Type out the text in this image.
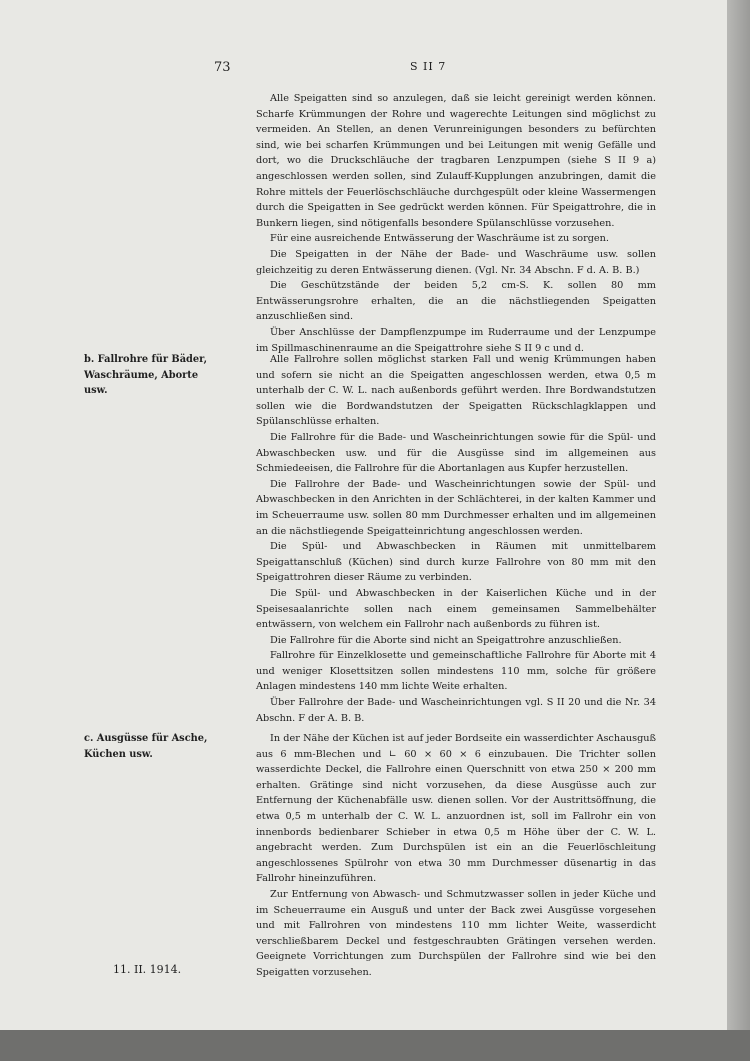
73	S II 7

Alle Speigatten sind so anzulegen, daß sie leicht gereinigt werden können. Scharfe Krümmungen der Rohre und wagerechte Leitungen sind möglichst zu vermeiden. An Stellen, an denen Verunreinigungen besonders zu befürchten sind, wie bei scharfen Krümmungen und bei Leitungen mit wenig Gefälle und dort, wo die Druckschläuche der tragbaren Lenzpumpen (siehe S II 9 a) angeschlossen werden sollen, sind Zulauff-Kupplungen anzubringen, damit die Rohre mittels der Feuerlöschschläuche durchgespült oder kleine Wassermengen durch die Speigatten in See gedrückt werden können. Für Speigattrohre, die in Bunkern liegen, sind nötigenfalls besondere Spülanschlüsse vorzusehen.

Für eine ausreichende Entwässerung der Waschräume ist zu sorgen.

Die Speigatten in der Nähe der Bade- und Waschräume usw. sollen gleichzeitig zu deren Entwässerung dienen. (Vgl. Nr. 34 Abschn. F d. A. B. B.)

Die Geschützstände der beiden 5,2 cm-S. K. sollen 80 mm Entwässerungsrohre erhalten, die an die nächstliegenden Speigatten anzuschließen sind.

Über Anschlüsse der Dampflenzpumpe im Ruderraume und der Lenzpumpe im Spillmaschinenraume an die Speigattrohre siehe S II 9 c und d.

b. Fallrohre für Bäder, Waschräume, Aborte usw.

Alle Fallrohre sollen möglichst starken Fall und wenig Krümmungen haben und sofern sie nicht an die Speigatten angeschlossen werden, etwa 0,5 m unterhalb der C. W. L. nach außenbords geführt werden. Ihre Bordwandstutzen sollen wie die Bordwandstutzen der Speigatten Rückschlagklappen und Spülanschlüsse erhalten.

Die Fallrohre für die Bade- und Wascheinrichtungen sowie für die Spül- und Abwaschbecken usw. und für die Ausgüsse sind im allgemeinen aus Schmiedeeisen, die Fallrohre für die Abortanlagen aus Kupfer herzustellen.

Die Fallrohre der Bade- und Wascheinrichtungen sowie der Spül- und Abwaschbecken in den Anrichten in der Schlächterei, in der kalten Kammer und im Scheuerraume usw. sollen 80 mm Durchmesser erhalten und im allgemeinen an die nächstliegende Speigatteinrichtung angeschlossen werden.

Die Spül- und Abwaschbecken in Räumen mit unmittelbarem Speigattanschluß (Küchen) sind durch kurze Fallrohre von 80 mm mit den Speigattrohren dieser Räume zu verbinden.

Die Spül- und Abwaschbecken in der Kaiserlichen Küche und in der Speisesaalanrichte sollen nach einem gemeinsamen Sammelbehälter entwässern, von welchem ein Fallrohr nach außenbords zu führen ist.

Die Fallrohre für die Aborte sind nicht an Speigattrohre anzuschließen.

Fallrohre für Einzelklosette und gemeinschaftliche Fallrohre für Aborte mit 4 und weniger Klosettsitzen sollen mindestens 110 mm, solche für größere Anlagen mindestens 140 mm lichte Weite erhalten.

Über Fallrohre der Bade- und Wascheinrichtungen vgl. S II 20 und die Nr. 34 Abschn. F der A. B. B.

c. Ausgüsse für Asche, Küchen usw.

In der Nähe der Küchen ist auf jeder Bordseite ein wasserdichter Aschausguß aus 6 mm-Blechen und ∟ 60 × 60 × 6 einzubauen. Die Trichter sollen wasserdichte Deckel, die Fallrohre einen Querschnitt von etwa 250 × 200 mm erhalten. Grätinge sind nicht vorzusehen, da diese Ausgüsse auch zur Entfernung der Küchenabfälle usw. dienen sollen. Vor der Austrittsöffnung, die etwa 0,5 m unterhalb der C. W. L. anzuordnen ist, soll im Fallrohr ein von innenbords bedienbarer Schieber in etwa 0,5 m Höhe über der C. W. L. angebracht werden. Zum Durchspülen ist ein an die Feuerlöschleitung angeschlossenes Spülrohr von etwa 30 mm Durchmesser düsenartig in das Fallrohr hineinzuführen.

Zur Entfernung von Abwasch- und Schmutzwasser sollen in jeder Küche und im Scheuerraume ein Ausguß und unter der Back zwei Ausgüsse vorgesehen und mit Fallrohren von mindestens 110 mm lichter Weite, wasserdicht verschließbarem Deckel und festgeschraubten Grätingen versehen werden. Geeignete Vorrichtungen zum Durchspülen der Fallrohre sind wie bei den Speigatten vorzusehen.

11. II. 1914.
